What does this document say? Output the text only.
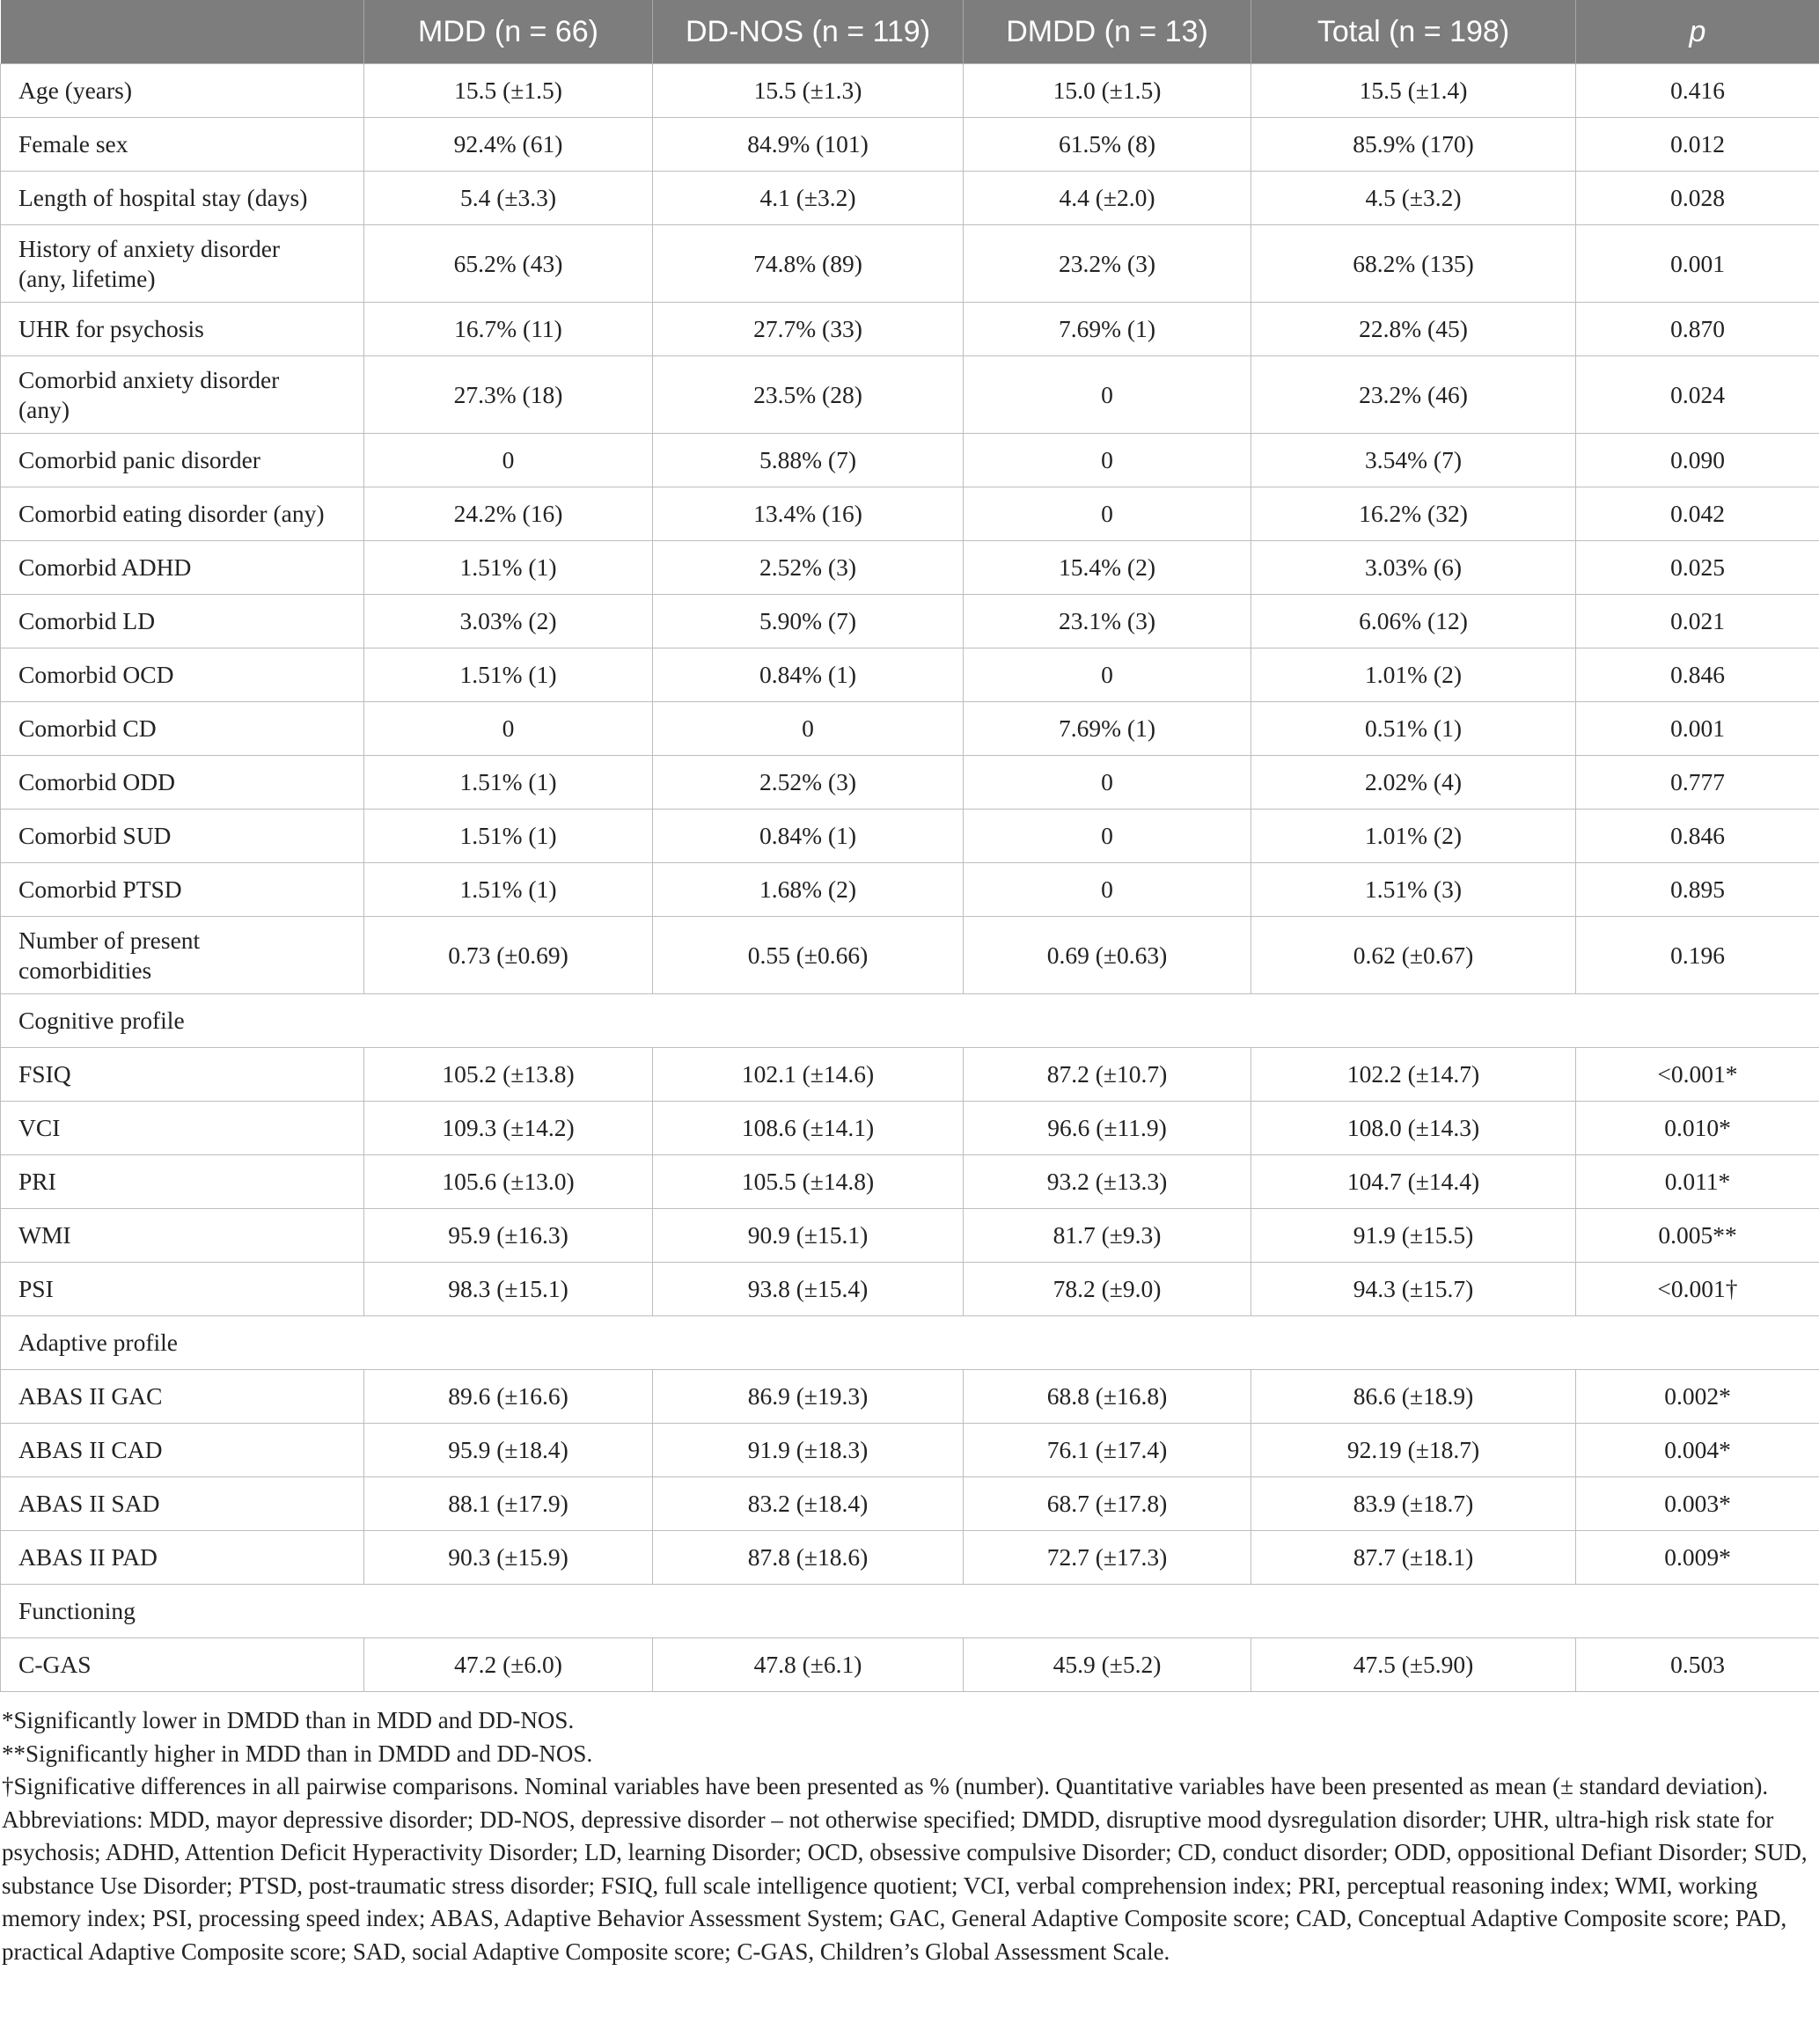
	MDD (n = 66)	DD-NOS (n = 119)	DMDD (n = 13)	Total (n = 198)	p
Age (years)	15.5 (±1.5)	15.5 (±1.3)	15.0 (±1.5)	15.5 (±1.4)	0.416
Female sex	92.4% (61)	84.9% (101)	61.5% (8)	85.9% (170)	0.012
Length of hospital stay (days)	5.4 (±3.3)	4.1 (±3.2)	4.4 (±2.0)	4.5 (±3.2)	0.028

History of anxiety disorder
(any, lifetime)	65.2% (43)	74.8% (89)	23.2% (3)	68.2% (135)	0.001
UHR for psychosis	16.7% (11)	27.7% (33)	7.69% (1)	22.8% (45)	0.870

Comorbid anxiety disorder
(any)	27.3% (18)	23.5% (28)	0	23.2% (46)	0.024
Comorbid panic disorder	0	5.88% (7)	0	3.54% (7)	0.090
Comorbid eating disorder (any)	24.2% (16)	13.4% (16)	0	16.2% (32)	0.042
Comorbid ADHD	1.51% (1)	2.52% (3)	15.4% (2)	3.03% (6)	0.025
Comorbid LD	3.03% (2)	5.90% (7)	23.1% (3)	6.06% (12)	0.021
Comorbid OCD	1.51% (1)	0.84% (1)	0	1.01% (2)	0.846
Comorbid CD	0	0	7.69% (1)	0.51% (1)	0.001
Comorbid ODD	1.51% (1)	2.52% (3)	0	2.02% (4)	0.777
Comorbid SUD	1.51% (1)	0.84% (1)	0	1.01% (2)	0.846
Comorbid PTSD	1.51% (1)	1.68% (2)	0	1.51% (3)	0.895

Number of present
comorbidities	0.73 (±0.69)	0.55 (±0.66)	0.69 (±0.63)	0.62 (±0.67)	0.196
Cognitive profile					
FSIQ	105.2 (±13.8)	102.1 (±14.6)	87.2 (±10.7)	102.2 (±14.7)	<0.001*
VCI	109.3 (±14.2)	108.6 (±14.1)	96.6 (±11.9)	108.0 (±14.3)	0.010*
PRI	105.6 (±13.0)	105.5 (±14.8)	93.2 (±13.3)	104.7 (±14.4)	0.011*
WMI	95.9 (±16.3)	90.9 (±15.1)	81.7 (±9.3)	91.9 (±15.5)	0.005**
PSI	98.3 (±15.1)	93.8 (±15.4)	78.2 (±9.0)	94.3 (±15.7)	<0.001†
Adaptive profile					
ABAS II GAC	89.6 (±16.6)	86.9 (±19.3)	68.8 (±16.8)	86.6 (±18.9)	0.002*
ABAS II CAD	95.9 (±18.4)	91.9 (±18.3)	76.1 (±17.4)	92.19 (±18.7)	0.004*
ABAS II SAD	88.1 (±17.9)	83.2 (±18.4)	68.7 (±17.8)	83.9 (±18.7)	0.003*
ABAS II PAD	90.3 (±15.9)	87.8 (±18.6)	72.7 (±17.3)	87.7 (±18.1)	0.009*
Functioning					
C-GAS	47.2 (±6.0)	47.8 (±6.1)	45.9 (±5.2)	47.5 (±5.90)	0.503
*Significantly lower in DMDD than in MDD and DD-NOS.
**Significantly higher in MDD than in DMDD and DD-NOS.
†Significative differences in all pairwise comparisons. Nominal variables have been presented as % (number). Quantitative variables have been presented as mean (± standard deviation).
Abbreviations: MDD, mayor depressive disorder; DD-NOS, depressive disorder – not otherwise specified; DMDD, disruptive mood dysregulation disorder; UHR, ultra-high risk state for psychosis; ADHD, Attention Deficit Hyperactivity Disorder; LD, learning Disorder; OCD, obsessive compulsive Disorder; CD, conduct disorder; ODD, oppositional Defiant Disorder; SUD, substance Use Disorder; PTSD, post-traumatic stress disorder; FSIQ, full scale intelligence quotient; VCI, verbal comprehension index; PRI, perceptual reasoning index; WMI, working memory index; PSI, processing speed index; ABAS, Adaptive Behavior Assessment System; GAC, General Adaptive Composite score; CAD, Conceptual Adaptive Composite score; PAD, practical Adaptive Composite score; SAD, social Adaptive Composite score; C-GAS, Children’s Global Assessment Scale.
